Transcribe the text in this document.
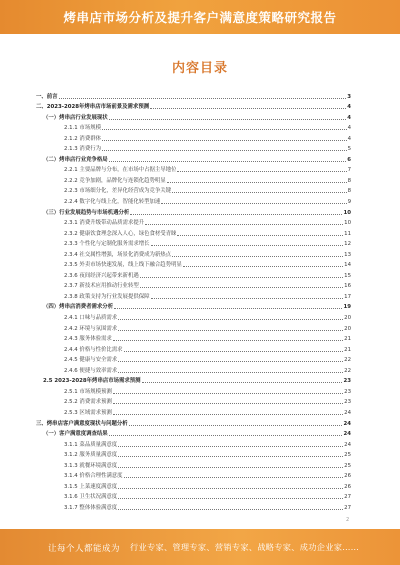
烤串店市场分析及提升客户满意度策略研究报告
内容目录
一、前言	3
二、2023-2028年烤串店市场前景及需求预测	4
（一）烤串店行业发展现状	4
2.1.1 市场规模	4
2.1.2 消费群体	4
2.1.3 消费行为	5
（二）烤串店行业竞争格局	6
2.2.1 主要品牌与分布，在市场中占据主导地位	7
2.2.2 竞争加剧，品牌化与连锁化趋势明显	8
2.2.3 市场细分化，差异化经营成为竞争关键	8
2.2.4 数字化与线上化，智能化转型加速	9
（三）行业发展趋势与市场机遇分析	10
2.3.1 消费升级带动品质需求提升	10
2.3.2 健康饮食理念深入人心，绿色食材受青睐	11
2.3.3 个性化与定制化服务需求增长	12
2.3.4 社交属性增强，场景化消费成为新热点	13
2.3.5 外卖市场快速发展，线上线下融合趋势明显	14
2.3.6 夜间经济兴起带来新机遇	15
2.3.7 新技术应用推动行业转型	16
2.3.8 政策支持为行业发展提供保障	17
（四）烤串店消费者需求分析	19
2.4.1 口味与品质需求	20
2.4.2 环境与氛围需求	20
2.4.3 服务体验需求	21
2.4.4 价格与性价比需求	21
2.4.5 健康与安全需求	22
2.4.6 便捷与效率需求	22
2.5 2023-2028年烤串店市场需求预测	23
2.5.1 市场规模预测	23
2.5.2 消费需求预测	23
2.5.3 区域需求预测	24
三、烤串店客户满意度现状与问题分析	24
（一）客户满意度调查结果	24
3.1.1 菜品质量满意度	24
3.1.2 服务质量满意度	25
3.1.3 就餐环境满意度	25
3.1.4 价格合理性满意度	26
3.1.5 上菜速度满意度	26
3.1.6 卫生状况满意度	27
3.1.7 整体体验满意度	27
2
让每个人都能成为 行业专家、管理专家、营销专家、战略专家、成功企业家……
